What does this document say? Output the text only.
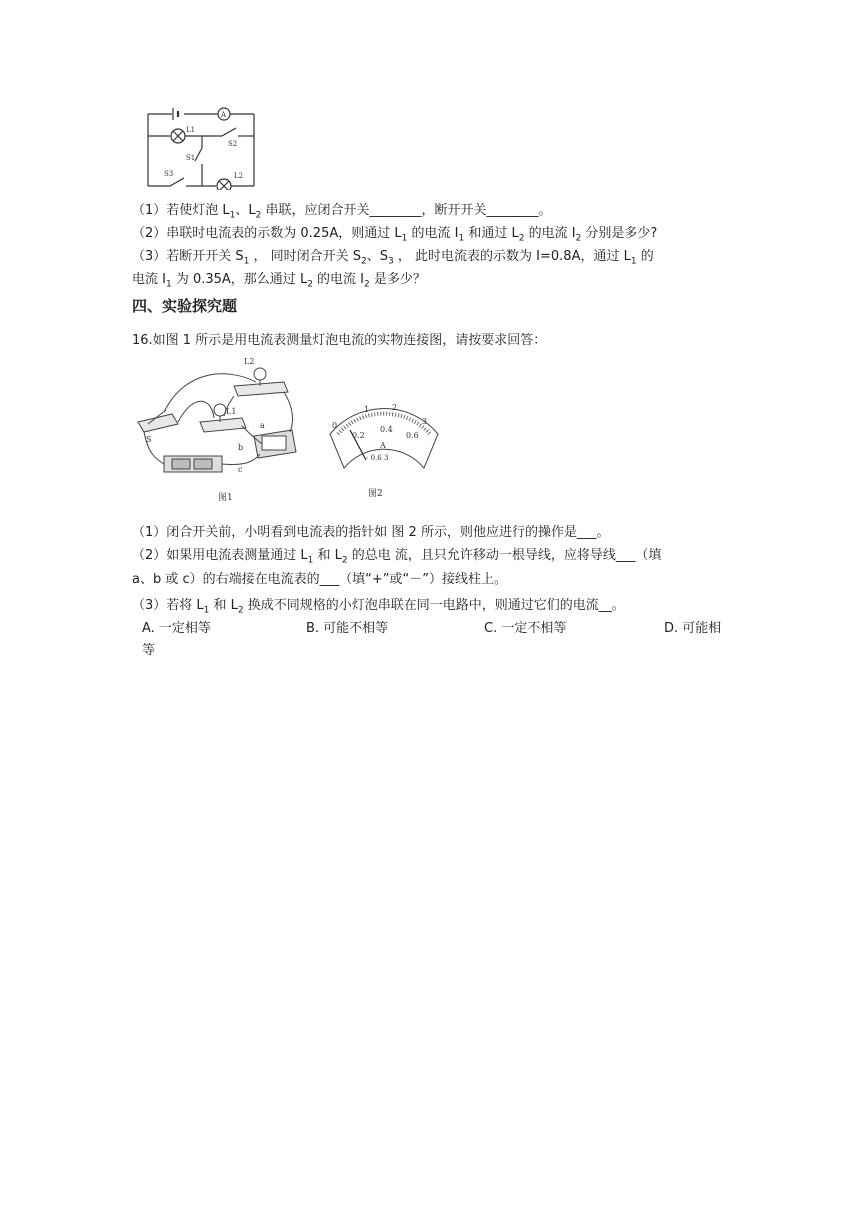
A
L1
S2
S1
S3	L2
（1）若使灯泡 $L_1$、$L_2$ 串联，应闭合开关________，断开开关________。
（2）串联时电流表的示数为 0.25A，则通过 $L_1$ 的电流 $I_1$ 和通过 $L_2$ 的电流 $I_2$ 分别是多少?
（3）若断开开关 $S_1$ ， 同时闭合开关 $S_2$、$S_3$ ， 此时电流表的示数为 I=0.8A，通过 $L_1$ 的
电流 $I_1$ 为 0.35A，那么通过 $L_2$ 的电流 $I_2$ 是多少？
四、实验探究题
16.如图 1 所示是用电流表测量灯泡电流的实物连接图，请按要求回答：
L2
L1
S
a
b
c
图1
0
1	2
3
0.2
0.4
0.6
A
- 0.6 3
图2
（1）闭合开关前，小明看到电流表的指针如 图 2 所示，则他应进行的操作是___。
（2）如果用电流表测量通过 $L_1$ 和 $L_2$ 的总电 流，且只允许移动一根导线，应将导线___（填
a、b 或 c）的右端接在电流表的___（填“+”或“－”）接线柱上。
（3）若将 $L_1$ 和 $L_2$ 换成不同规格的小灯泡串联在同一电路中，则通过它们的电流__。
A. 一定相等	B. 可能不相等	C. 一定不相等	D. 可能相
等
